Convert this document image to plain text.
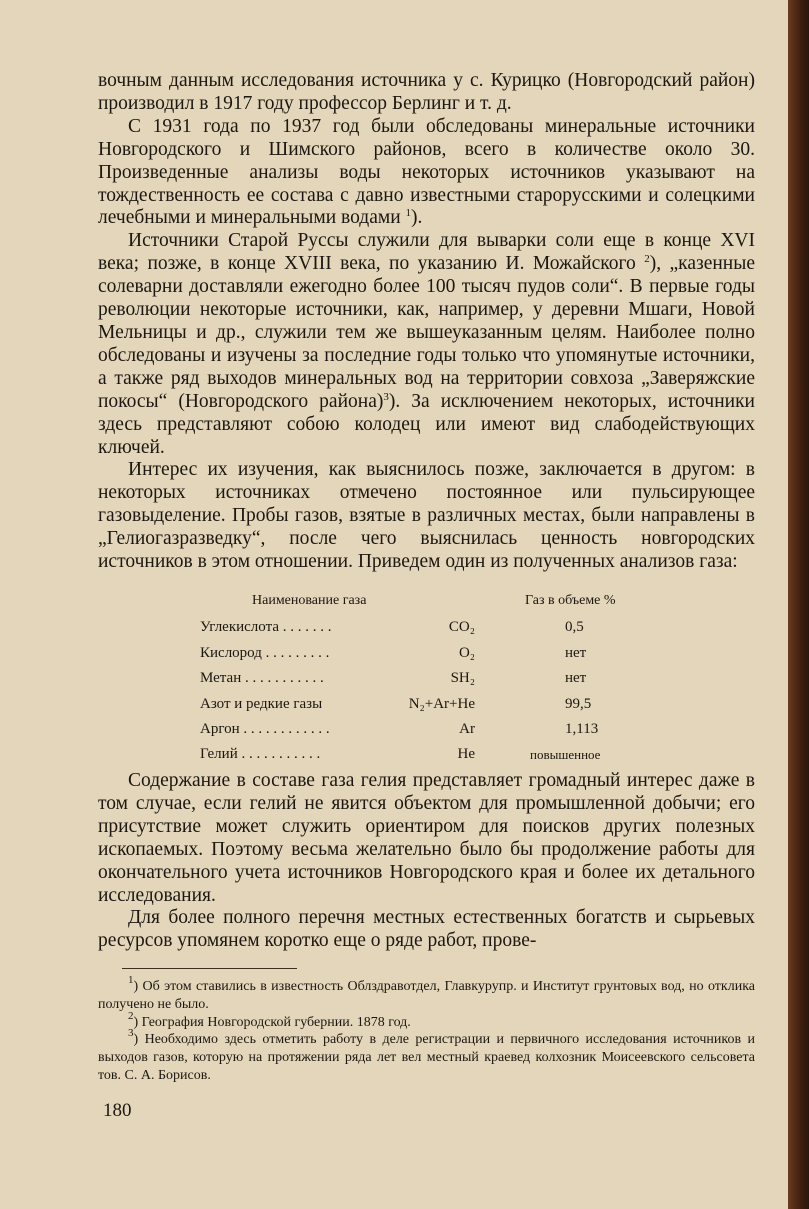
вочным данным исследования источника у с. Курицко (Новгородский район) производил в 1917 году профессор Берлинг и т. д.

С 1931 года по 1937 год были обследованы минеральные источники Новгородского и Шимского районов, всего в количестве около 30. Произведенные анализы воды некоторых источников указывают на тождественность ее состава с давно известными старорусскими и солецкими лечебными и минеральными водами $^1$).

Источники Старой Руссы служили для выварки соли еще в конце XVI века; позже, в конце XVIII века, по указанию И. Можайского $^2$), „казенные солеварни доставляли ежегодно более 100 тысяч пудов соли“. В первые годы революции некоторые источники, как, например, у деревни Мшаги, Новой Мельницы и др., служили тем же вышеуказанным целям. Наиболее полно обследованы и изучены за последние годы только что упомянутые источники, а также ряд выходов минеральных вод на территории совхоза „Заверяжские покосы“ (Новгородского района)$^3$). За исключением некоторых, источники здесь представляют собою колодец или имеют вид слабодействующих ключей.

Интерес их изучения, как выяснилось позже, заключается в другом: в некоторых источниках отмечено постоянное или пульсирующее газовыделение. Пробы газов, взятые в различных местах, были направлены в „Гелиогазразведку“, после чего выяснилась ценность новгородских источников в этом отношении. Приведем один из полученных анализов газа:

Наименование газа	Газ в объеме %
Углекислота . . . . . . .	CO₂	0,5
Кислород . . . . . . . . .	O₂	нет
Метан . . . . . . . . . . .	SH₂	нет
Азот и редкие газы	N₂+Ar+He	99,5
Аргон . . . . . . . . . . . .	Ar	1,113
Гелий . . . . . . . . . . .	He	повышенное

Содержание в составе газа гелия представляет громадный интерес даже в том случае, если гелий не явится объектом для промышленной добычи; его присутствие может служить ориентиром для поисков других полезных ископаемых. Поэтому весьма желательно было бы продолжение работы для окончательного учета источников Новгородского края и более их детального исследования.

Для более полного перечня местных естественных богатств и сырьевых ресурсов упомянем коротко еще о ряде работ, прове-

$^1$) Об этом ставились в известность Облздравотдел, Главкурупр. и Институт грунтовых вод, но отклика получено не было.

$^2$) География Новгородской губернии. 1878 год.

$^3$) Необходимо здесь отметить работу в деле регистрации и первичного исследования источников и выходов газов, которую на протяжении ряда лет вел местный краевед колхозник Моисеевского сельсовета тов. С. А. Борисов.

180
